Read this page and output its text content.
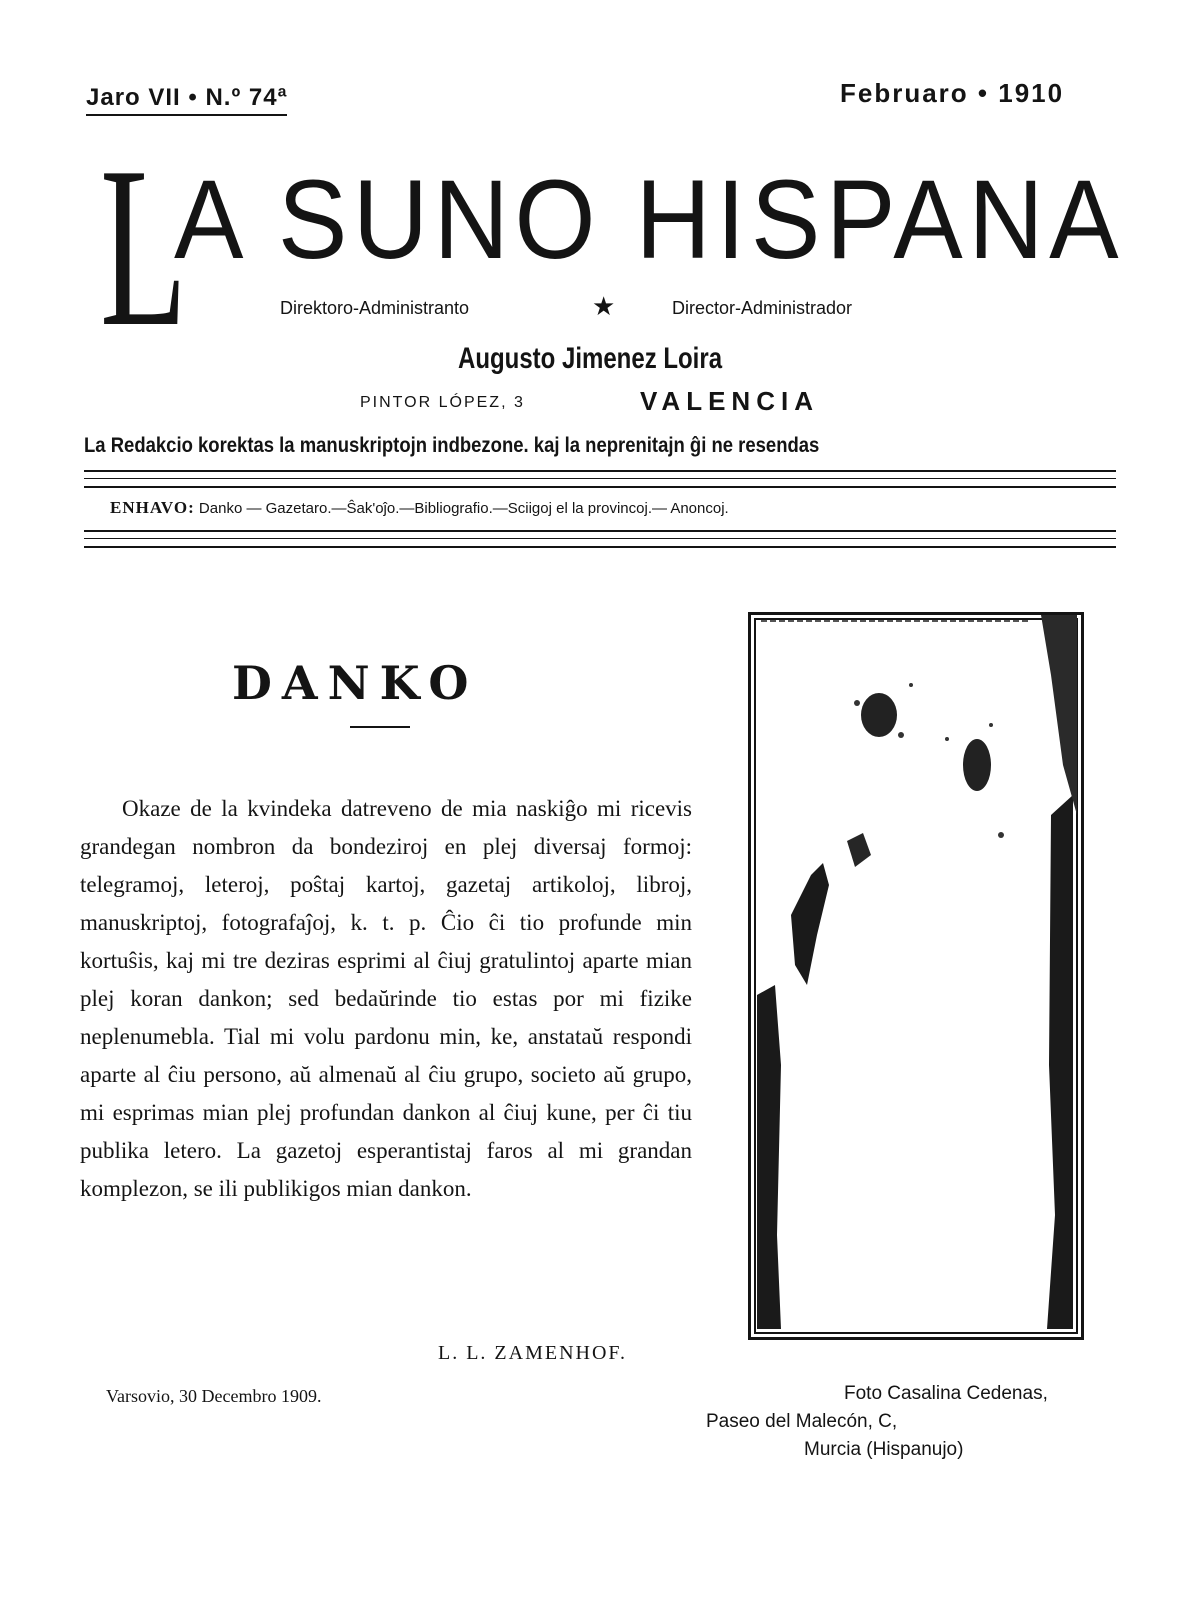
Jaro VII • N.º 74ª	Februaro • 1910
L
A SUNO HISPANA
Direktoro-Administranto	★	Director-Administrador
Augusto Jimenez Loira
PINTOR LÓPEZ, 3	VALENCIA
La Redakcio korektas la manuskriptojn indbezone. kaj la neprenitajn ĝi ne resendas
ENHAVO: Danko — Gazetaro.—Ŝak'oĵo.—Bibliografio.—Sciigoj el la provincoj.— Anoncoj.
DANKO
Okaze de la kvindeka datreveno de mia naskiĝo mi ricevis grandegan nombron da bondeziroj en plej diversaj formoj: telegramoj, leteroj, poŝtaj kartoj, gazetaj artikoloj, libroj, manuskriptoj, fotografaĵoj, k. t. p. Ĉio ĉi tio profunde min kortuŝis, kaj mi tre deziras esprimi al ĉiuj gratulintoj aparte mian plej koran dankon; sed bedaŭrinde tio estas por mi fizike neplenumebla. Tial mi volu pardonu min, ke, anstataŭ respondi aparte al ĉiu persono, aŭ almenaŭ al ĉiu grupo, societo aŭ grupo, mi esprimas mian plej profundan dankon al ĉiuj kune, per ĉi tiu publika letero. La gazetoj esperantistaj faros al mi grandan komplezon, se ili publikigos mian dankon.
L. L. ZAMENHOF.
Varsovio, 30 Decembro 1909.	Foto Casalina Cedenas,
Paseo del Malecón, C,
Murcia (Hispanujo)
